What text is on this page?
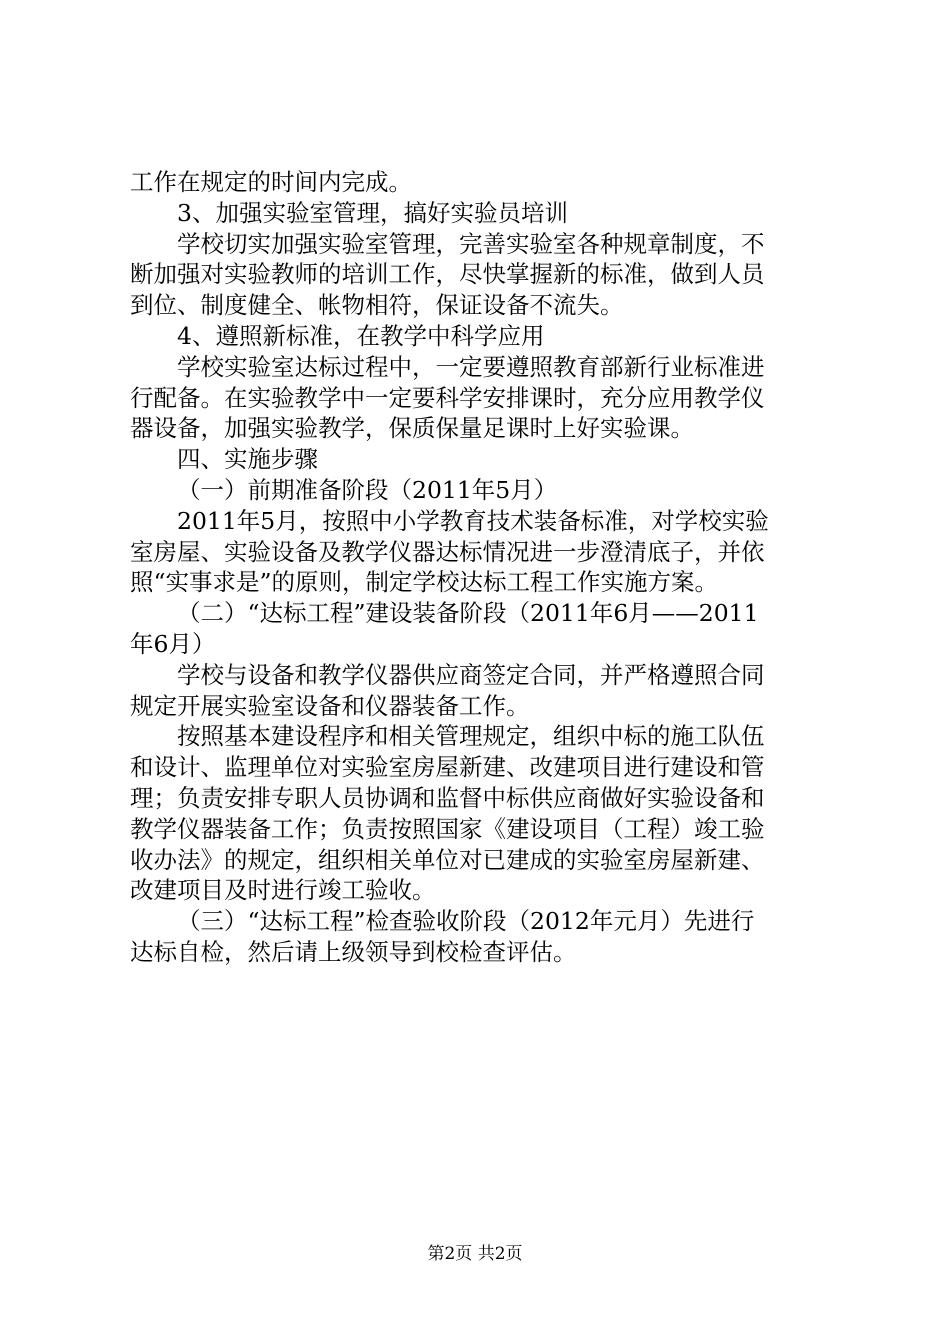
工作在规定的时间内完成。
3、加强实验室管理，搞好实验员培训
学校切实加强实验室管理，完善实验室各种规章制度，不
断加强对实验教师的培训工作，尽快掌握新的标准，做到人员
到位、制度健全、帐物相符，保证设备不流失。
4、遵照新标准，在教学中科学应用
学校实验室达标过程中，一定要遵照教育部新行业标准进
行配备。在实验教学中一定要科学安排课时，充分应用教学仪
器设备，加强实验教学，保质保量足课时上好实验课。
四、实施步骤
（一）前期准备阶段（2011年5月）
2011年5月，按照中小学教育技术装备标准，对学校实验
室房屋、实验设备及教学仪器达标情况进一步澄清底子，并依
照“实事求是”的原则，制定学校达标工程工作实施方案。
（二）“达标工程”建设装备阶段（2011年6月——2011
年6月）
学校与设备和教学仪器供应商签定合同，并严格遵照合同
规定开展实验室设备和仪器装备工作。
按照基本建设程序和相关管理规定，组织中标的施工队伍
和设计、监理单位对实验室房屋新建、改建项目进行建设和管
理；负责安排专职人员协调和监督中标供应商做好实验设备和
教学仪器装备工作；负责按照国家《建设项目（工程）竣工验
收办法》的规定，组织相关单位对已建成的实验室房屋新建、
改建项目及时进行竣工验收。
（三）“达标工程”检查验收阶段（2012年元月）先进行
达标自检，然后请上级领导到校检查评估。
第2页 共2页
